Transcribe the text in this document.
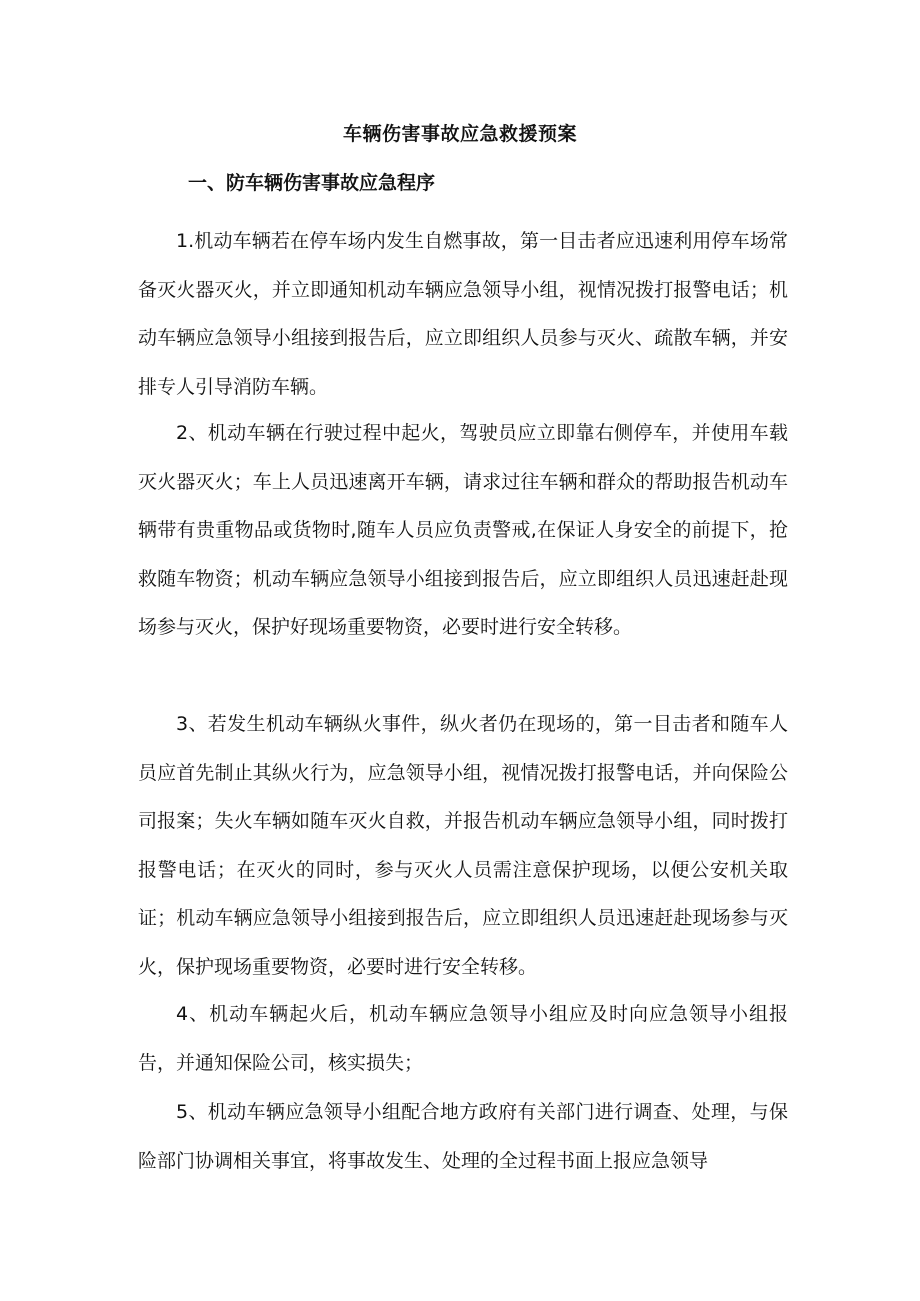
车辆伤害事故应急救援预案
一、防车辆伤害事故应急程序

1.机动车辆若在停车场内发生自燃事故，第一目击者应迅速利用停车场常备灭火器灭火，并立即通知机动车辆应急领导小组，视情况拨打报警电话；机动车辆应急领导小组接到报告后，应立即组织人员参与灭火、疏散车辆，并安排专人引导消防车辆。

2、机动车辆在行驶过程中起火，驾驶员应立即靠右侧停车，并使用车载灭火器灭火；车上人员迅速离开车辆，请求过往车辆和群众的帮助报告机动车辆带有贵重物品或货物时,随车人员应负责警戒,在保证人身安全的前提下，抢救随车物资；机动车辆应急领导小组接到报告后，应立即组织人员迅速赶赴现场参与灭火，保护好现场重要物资，必要时进行安全转移。

3、若发生机动车辆纵火事件，纵火者仍在现场的，第一目击者和随车人员应首先制止其纵火行为，应急领导小组，视情况拨打报警电话，并向保险公司报案；失火车辆如随车灭火自救，并报告机动车辆应急领导小组，同时拨打报警电话；在灭火的同时，参与灭火人员需注意保护现场，以便公安机关取证；机动车辆应急领导小组接到报告后，应立即组织人员迅速赶赴现场参与灭火，保护现场重要物资，必要时进行安全转移。

4、机动车辆起火后，机动车辆应急领导小组应及时向应急领导小组报告，并通知保险公司，核实损失；

5、机动车辆应急领导小组配合地方政府有关部门进行调查、处理，与保险部门协调相关事宜，将事故发生、处理的全过程书面上报应急领导
